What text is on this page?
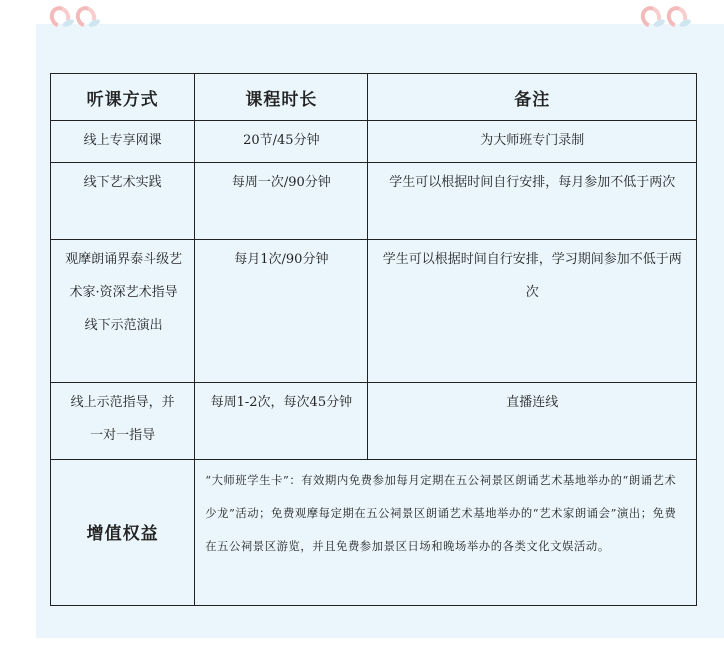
听课方式	课程时长	备注
线上专享网课	20节/45分钟	为大师班专门录制
线下艺术实践	每周一次/90分钟	学生可以根据时间自行安排，每月参加不低于两次
观摩朗诵界泰斗级艺术家·资深艺术指导 线下示范演出	每月1次/90分钟	学生可以根据时间自行安排，学习期间参加不低于两次
线上示范指导，并一对一指导	每周1-2次，每次45分钟	直播连线
增值权益	“大师班学生卡”：有效期内免费参加每月定期在五公祠景区朗诵艺术基地举办的“朗诵艺术少龙”活动；免费观摩每定期在五公祠景区朗诵艺术基地举办的“艺术家朗诵会”演出；免费在五公祠景区游览，并且免费参加景区日场和晚场举办的各类文化文娱活动。	
